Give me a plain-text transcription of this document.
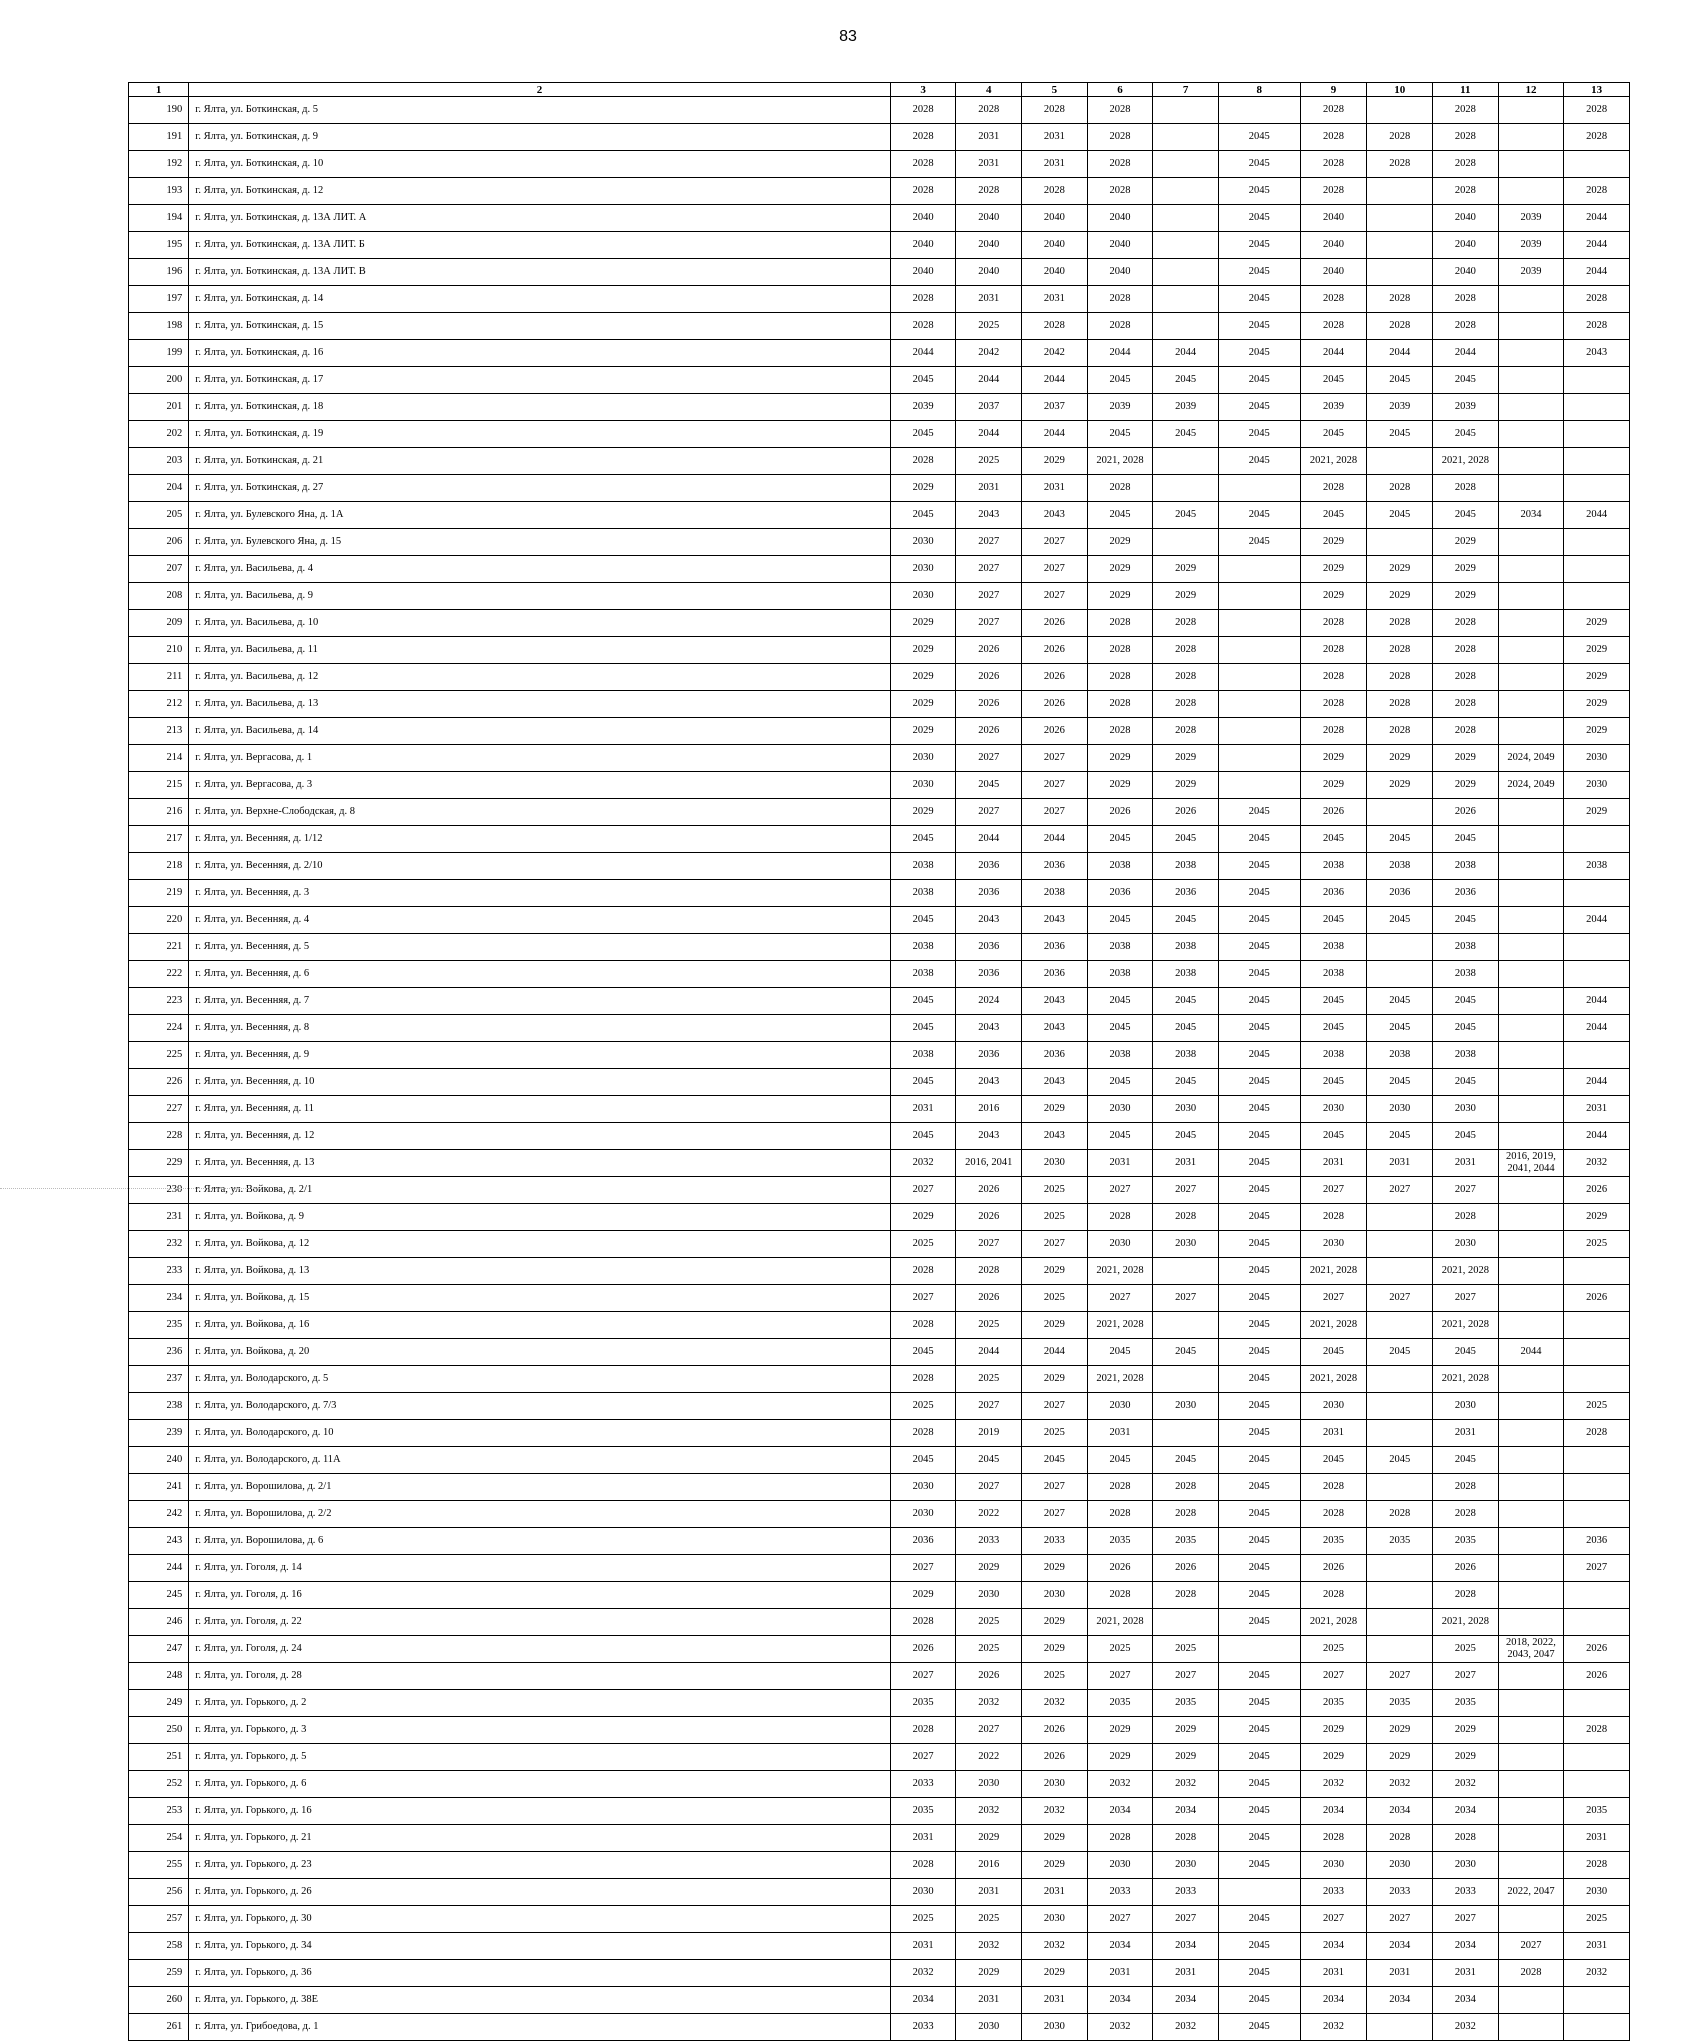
83
1	2	3	4	5	6	7	8	9	10	11	12	13
190	г. Ялта, ул. Боткинская, д. 5	2028	2028	2028	2028			2028		2028		2028
191	г. Ялта, ул. Боткинская, д. 9	2028	2031	2031	2028		2045	2028	2028	2028		2028
192	г. Ялта, ул. Боткинская, д. 10	2028	2031	2031	2028		2045	2028	2028	2028		
193	г. Ялта, ул. Боткинская, д. 12	2028	2028	2028	2028		2045	2028		2028		2028
194	г. Ялта, ул. Боткинская, д. 13А ЛИТ. А	2040	2040	2040	2040		2045	2040		2040	2039	2044
195	г. Ялта, ул. Боткинская, д. 13А ЛИТ. Б	2040	2040	2040	2040		2045	2040		2040	2039	2044
196	г. Ялта, ул. Боткинская, д. 13А ЛИТ. В	2040	2040	2040	2040		2045	2040		2040	2039	2044
197	г. Ялта, ул. Боткинская, д. 14	2028	2031	2031	2028		2045	2028	2028	2028		2028
198	г. Ялта, ул. Боткинская, д. 15	2028	2025	2028	2028		2045	2028	2028	2028		2028
199	г. Ялта, ул. Боткинская, д. 16	2044	2042	2042	2044	2044	2045	2044	2044	2044		2043
200	г. Ялта, ул. Боткинская, д. 17	2045	2044	2044	2045	2045	2045	2045	2045	2045		
201	г. Ялта, ул. Боткинская, д. 18	2039	2037	2037	2039	2039	2045	2039	2039	2039		
202	г. Ялта, ул. Боткинская, д. 19	2045	2044	2044	2045	2045	2045	2045	2045	2045		
203	г. Ялта, ул. Боткинская, д. 21	2028	2025	2029	2021, 2028		2045	2021, 2028		2021, 2028		
204	г. Ялта, ул. Боткинская, д. 27	2029	2031	2031	2028			2028	2028	2028		
205	г. Ялта, ул. Булевского Яна, д. 1А	2045	2043	2043	2045	2045	2045	2045	2045	2045	2034	2044
206	г. Ялта, ул. Булевского Яна, д. 15	2030	2027	2027	2029		2045	2029		2029		
207	г. Ялта, ул. Васильева, д. 4	2030	2027	2027	2029	2029		2029	2029	2029		
208	г. Ялта, ул. Васильева, д. 9	2030	2027	2027	2029	2029		2029	2029	2029		
209	г. Ялта, ул. Васильева, д. 10	2029	2027	2026	2028	2028		2028	2028	2028		2029
210	г. Ялта, ул. Васильева, д. 11	2029	2026	2026	2028	2028		2028	2028	2028		2029
211	г. Ялта, ул. Васильева, д. 12	2029	2026	2026	2028	2028		2028	2028	2028		2029
212	г. Ялта, ул. Васильева, д. 13	2029	2026	2026	2028	2028		2028	2028	2028		2029
213	г. Ялта, ул. Васильева, д. 14	2029	2026	2026	2028	2028		2028	2028	2028		2029
214	г. Ялта, ул. Вергасова, д. 1	2030	2027	2027	2029	2029		2029	2029	2029	2024, 2049	2030
215	г. Ялта, ул. Вергасова, д. 3	2030	2045	2027	2029	2029		2029	2029	2029	2024, 2049	2030
216	г. Ялта, ул. Верхне-Слободская, д. 8	2029	2027	2027	2026	2026	2045	2026		2026		2029
217	г. Ялта, ул. Весенняя, д. 1/12	2045	2044	2044	2045	2045	2045	2045	2045	2045		
218	г. Ялта, ул. Весенняя, д. 2/10	2038	2036	2036	2038	2038	2045	2038	2038	2038		2038
219	г. Ялта, ул. Весенняя, д. 3	2038	2036	2038	2036	2036	2045	2036	2036	2036		
220	г. Ялта, ул. Весенняя, д. 4	2045	2043	2043	2045	2045	2045	2045	2045	2045		2044
221	г. Ялта, ул. Весенняя, д. 5	2038	2036	2036	2038	2038	2045	2038		2038		
222	г. Ялта, ул. Весенняя, д. 6	2038	2036	2036	2038	2038	2045	2038		2038		
223	г. Ялта, ул. Весенняя, д. 7	2045	2024	2043	2045	2045	2045	2045	2045	2045		2044
224	г. Ялта, ул. Весенняя, д. 8	2045	2043	2043	2045	2045	2045	2045	2045	2045		2044
225	г. Ялта, ул. Весенняя, д. 9	2038	2036	2036	2038	2038	2045	2038	2038	2038		
226	г. Ялта, ул. Весенняя, д. 10	2045	2043	2043	2045	2045	2045	2045	2045	2045		2044
227	г. Ялта, ул. Весенняя, д. 11	2031	2016	2029	2030	2030	2045	2030	2030	2030		2031
228	г. Ялта, ул. Весенняя, д. 12	2045	2043	2043	2045	2045	2045	2045	2045	2045		2044
229	г. Ялта, ул. Весенняя, д. 13	2032	2016, 2041	2030	2031	2031	2045	2031	2031	2031	2016, 2019, 2041, 2044	2032
230	г. Ялта, ул. Войкова, д. 2/1	2027	2026	2025	2027	2027	2045	2027	2027	2027		2026
231	г. Ялта, ул. Войкова, д. 9	2029	2026	2025	2028	2028	2045	2028		2028		2029
232	г. Ялта, ул. Войкова, д. 12	2025	2027	2027	2030	2030	2045	2030		2030		2025
233	г. Ялта, ул. Войкова, д. 13	2028	2028	2029	2021, 2028		2045	2021, 2028		2021, 2028		
234	г. Ялта, ул. Войкова, д. 15	2027	2026	2025	2027	2027	2045	2027	2027	2027		2026
235	г. Ялта, ул. Войкова, д. 16	2028	2025	2029	2021, 2028		2045	2021, 2028		2021, 2028		
236	г. Ялта, ул. Войкова, д. 20	2045	2044	2044	2045	2045	2045	2045	2045	2045	2044	
237	г. Ялта, ул. Володарского, д. 5	2028	2025	2029	2021, 2028		2045	2021, 2028		2021, 2028		
238	г. Ялта, ул. Володарского, д. 7/3	2025	2027	2027	2030	2030	2045	2030		2030		2025
239	г. Ялта, ул. Володарского, д. 10	2028	2019	2025	2031		2045	2031		2031		2028
240	г. Ялта, ул. Володарского, д. 11А	2045	2045	2045	2045	2045	2045	2045	2045	2045		
241	г. Ялта, ул. Ворошилова, д. 2/1	2030	2027	2027	2028	2028	2045	2028		2028		
242	г. Ялта, ул. Ворошилова, д. 2/2	2030	2022	2027	2028	2028	2045	2028	2028	2028		
243	г. Ялта, ул. Ворошилова, д. 6	2036	2033	2033	2035	2035	2045	2035	2035	2035		2036
244	г. Ялта, ул. Гоголя, д. 14	2027	2029	2029	2026	2026	2045	2026		2026		2027
245	г. Ялта, ул. Гоголя, д. 16	2029	2030	2030	2028	2028	2045	2028		2028		
246	г. Ялта, ул. Гоголя, д. 22	2028	2025	2029	2021, 2028		2045	2021, 2028		2021, 2028		
247	г. Ялта, ул. Гоголя, д. 24	2026	2025	2029	2025	2025		2025		2025	2018, 2022, 2043, 2047	2026
248	г. Ялта, ул. Гоголя, д. 28	2027	2026	2025	2027	2027	2045	2027	2027	2027		2026
249	г. Ялта, ул. Горького, д. 2	2035	2032	2032	2035	2035	2045	2035	2035	2035		
250	г. Ялта, ул. Горького, д. 3	2028	2027	2026	2029	2029	2045	2029	2029	2029		2028
251	г. Ялта, ул. Горького, д. 5	2027	2022	2026	2029	2029	2045	2029	2029	2029		
252	г. Ялта, ул. Горького, д. 6	2033	2030	2030	2032	2032	2045	2032	2032	2032		
253	г. Ялта, ул. Горького, д. 16	2035	2032	2032	2034	2034	2045	2034	2034	2034		2035
254	г. Ялта, ул. Горького, д. 21	2031	2029	2029	2028	2028	2045	2028	2028	2028		2031
255	г. Ялта, ул. Горького, д. 23	2028	2016	2029	2030	2030	2045	2030	2030	2030		2028
256	г. Ялта, ул. Горького, д. 26	2030	2031	2031	2033	2033		2033	2033	2033	2022, 2047	2030
257	г. Ялта, ул. Горького, д. 30	2025	2025	2030	2027	2027	2045	2027	2027	2027		2025
258	г. Ялта, ул. Горького, д. 34	2031	2032	2032	2034	2034	2045	2034	2034	2034	2027	2031
259	г. Ялта, ул. Горького, д. 36	2032	2029	2029	2031	2031	2045	2031	2031	2031	2028	2032
260	г. Ялта, ул. Горького, д. 38Е	2034	2031	2031	2034	2034	2045	2034	2034	2034		
261	г. Ялта, ул. Грибоедова, д. 1	2033	2030	2030	2032	2032	2045	2032		2032		
